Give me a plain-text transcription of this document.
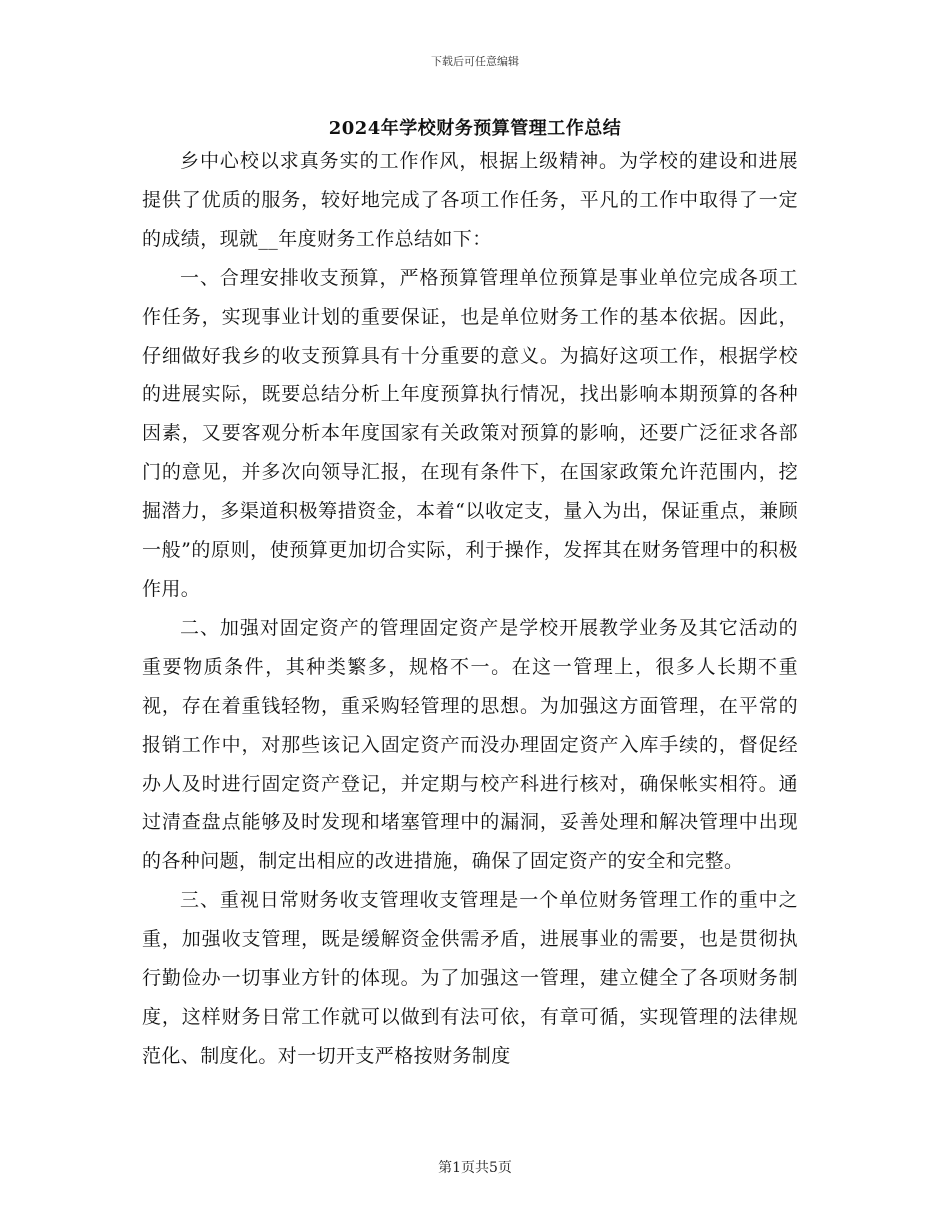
下载后可任意编辑
2024年学校财务预算管理工作总结

乡中心校以求真务实的工作作风，根据上级精神。为学校的建设和进展提供了优质的服务，较好地完成了各项工作任务，平凡的工作中取得了一定的成绩，现就__年度财务工作总结如下：

一、合理安排收支预算，严格预算管理单位预算是事业单位完成各项工作任务，实现事业计划的重要保证，也是单位财务工作的基本依据。因此，仔细做好我乡的收支预算具有十分重要的意义。为搞好这项工作，根据学校的进展实际，既要总结分析上年度预算执行情况，找出影响本期预算的各种因素，又要客观分析本年度国家有关政策对预算的影响，还要广泛征求各部门的意见，并多次向领导汇报，在现有条件下，在国家政策允许范围内，挖掘潜力，多渠道积极筹措资金，本着“以收定支，量入为出，保证重点，兼顾一般”的原则，使预算更加切合实际，利于操作，发挥其在财务管理中的积极作用。

二、加强对固定资产的管理固定资产是学校开展教学业务及其它活动的重要物质条件，其种类繁多，规格不一。在这一管理上，很多人长期不重视，存在着重钱轻物，重采购轻管理的思想。为加强这方面管理，在平常的报销工作中，对那些该记入固定资产而没办理固定资产入库手续的，督促经办人及时进行固定资产登记，并定期与校产科进行核对，确保帐实相符。通过清查盘点能够及时发现和堵塞管理中的漏洞，妥善处理和解决管理中出现的各种问题，制定出相应的改进措施，确保了固定资产的安全和完整。

三、重视日常财务收支管理收支管理是一个单位财务管理工作的重中之重，加强收支管理，既是缓解资金供需矛盾，进展事业的需要，也是贯彻执行勤俭办一切事业方针的体现。为了加强这一管理，建立健全了各项财务制度，这样财务日常工作就可以做到有法可依，有章可循，实现管理的法律规范化、制度化。对一切开支严格按财务制度

第1页共5页
